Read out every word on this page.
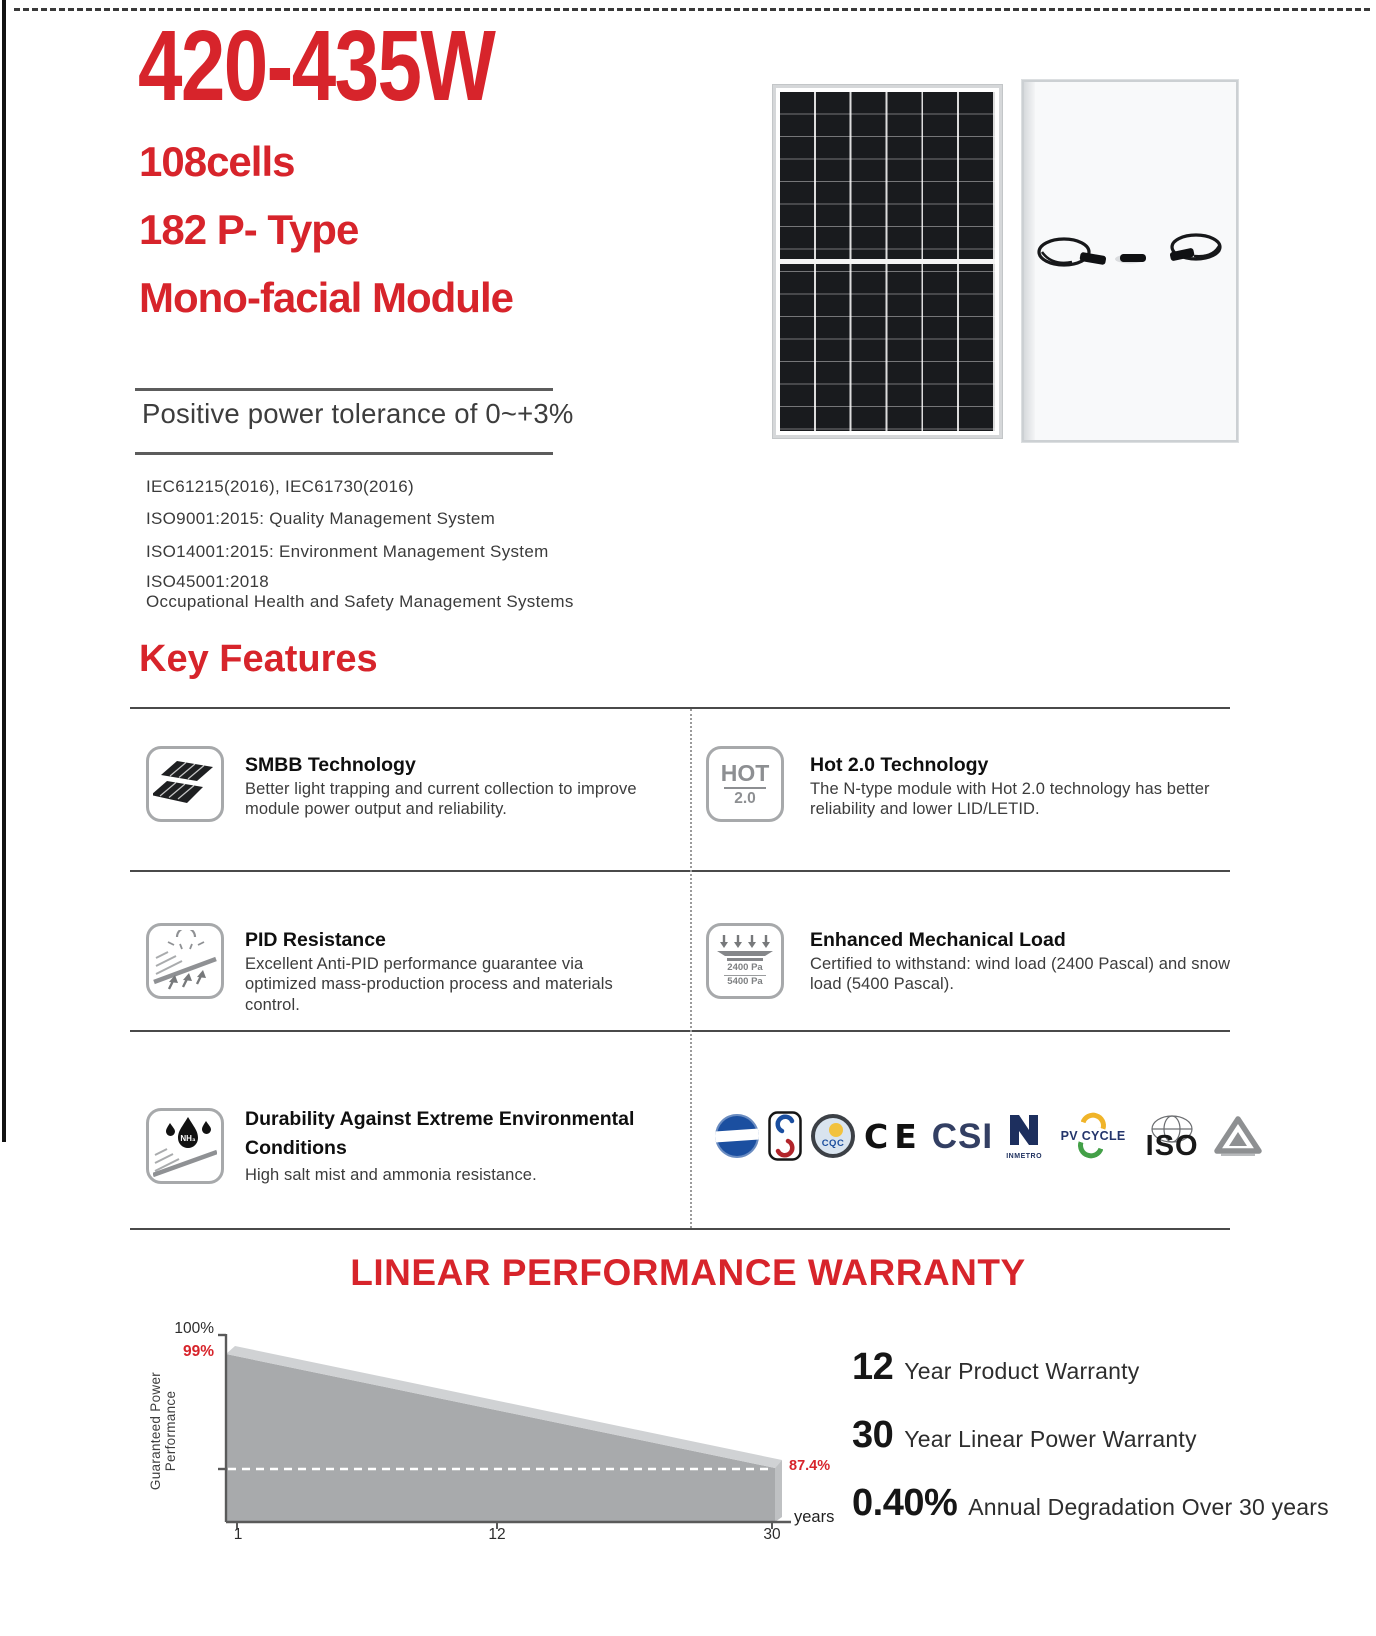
420-435W
108cells
182 P- Type
Mono-facial Module
Positive power tolerance of 0~+3%
IEC61215(2016), IEC61730(2016)
ISO9001:2015: Quality Management System
ISO14001:2015: Environment Management System
ISO45001:2018
Occupational Health and Safety Management Systems
Key Features
SMBB Technology
Better light trapping and current collection to improve module power output and reliability.
HOT
2.0
Hot 2.0 Technology
The N-type module with Hot 2.0 technology has better reliability and lower LID/LETID.
PID Resistance
Excellent Anti-PID performance guarantee via optimized mass-production process and materials control.
2400 Pa
5400 Pa
Enhanced Mechanical Load
Certified to withstand: wind load (2400 Pascal) and snow load (5400 Pascal).
NH₃
Durability Against Extreme Environmental Conditions
High salt mist and ammonia resistance.
CQC CE CSI
INMETRO
PV CYCLE ISO
LINEAR PERFORMANCE WARRANTY
Guaranteed Power Performance
100%
99%
1	12	30
years
87.4%
12 Year Product Warranty
30 Year Linear Power Warranty
0.40% Annual Degradation Over 30 years
